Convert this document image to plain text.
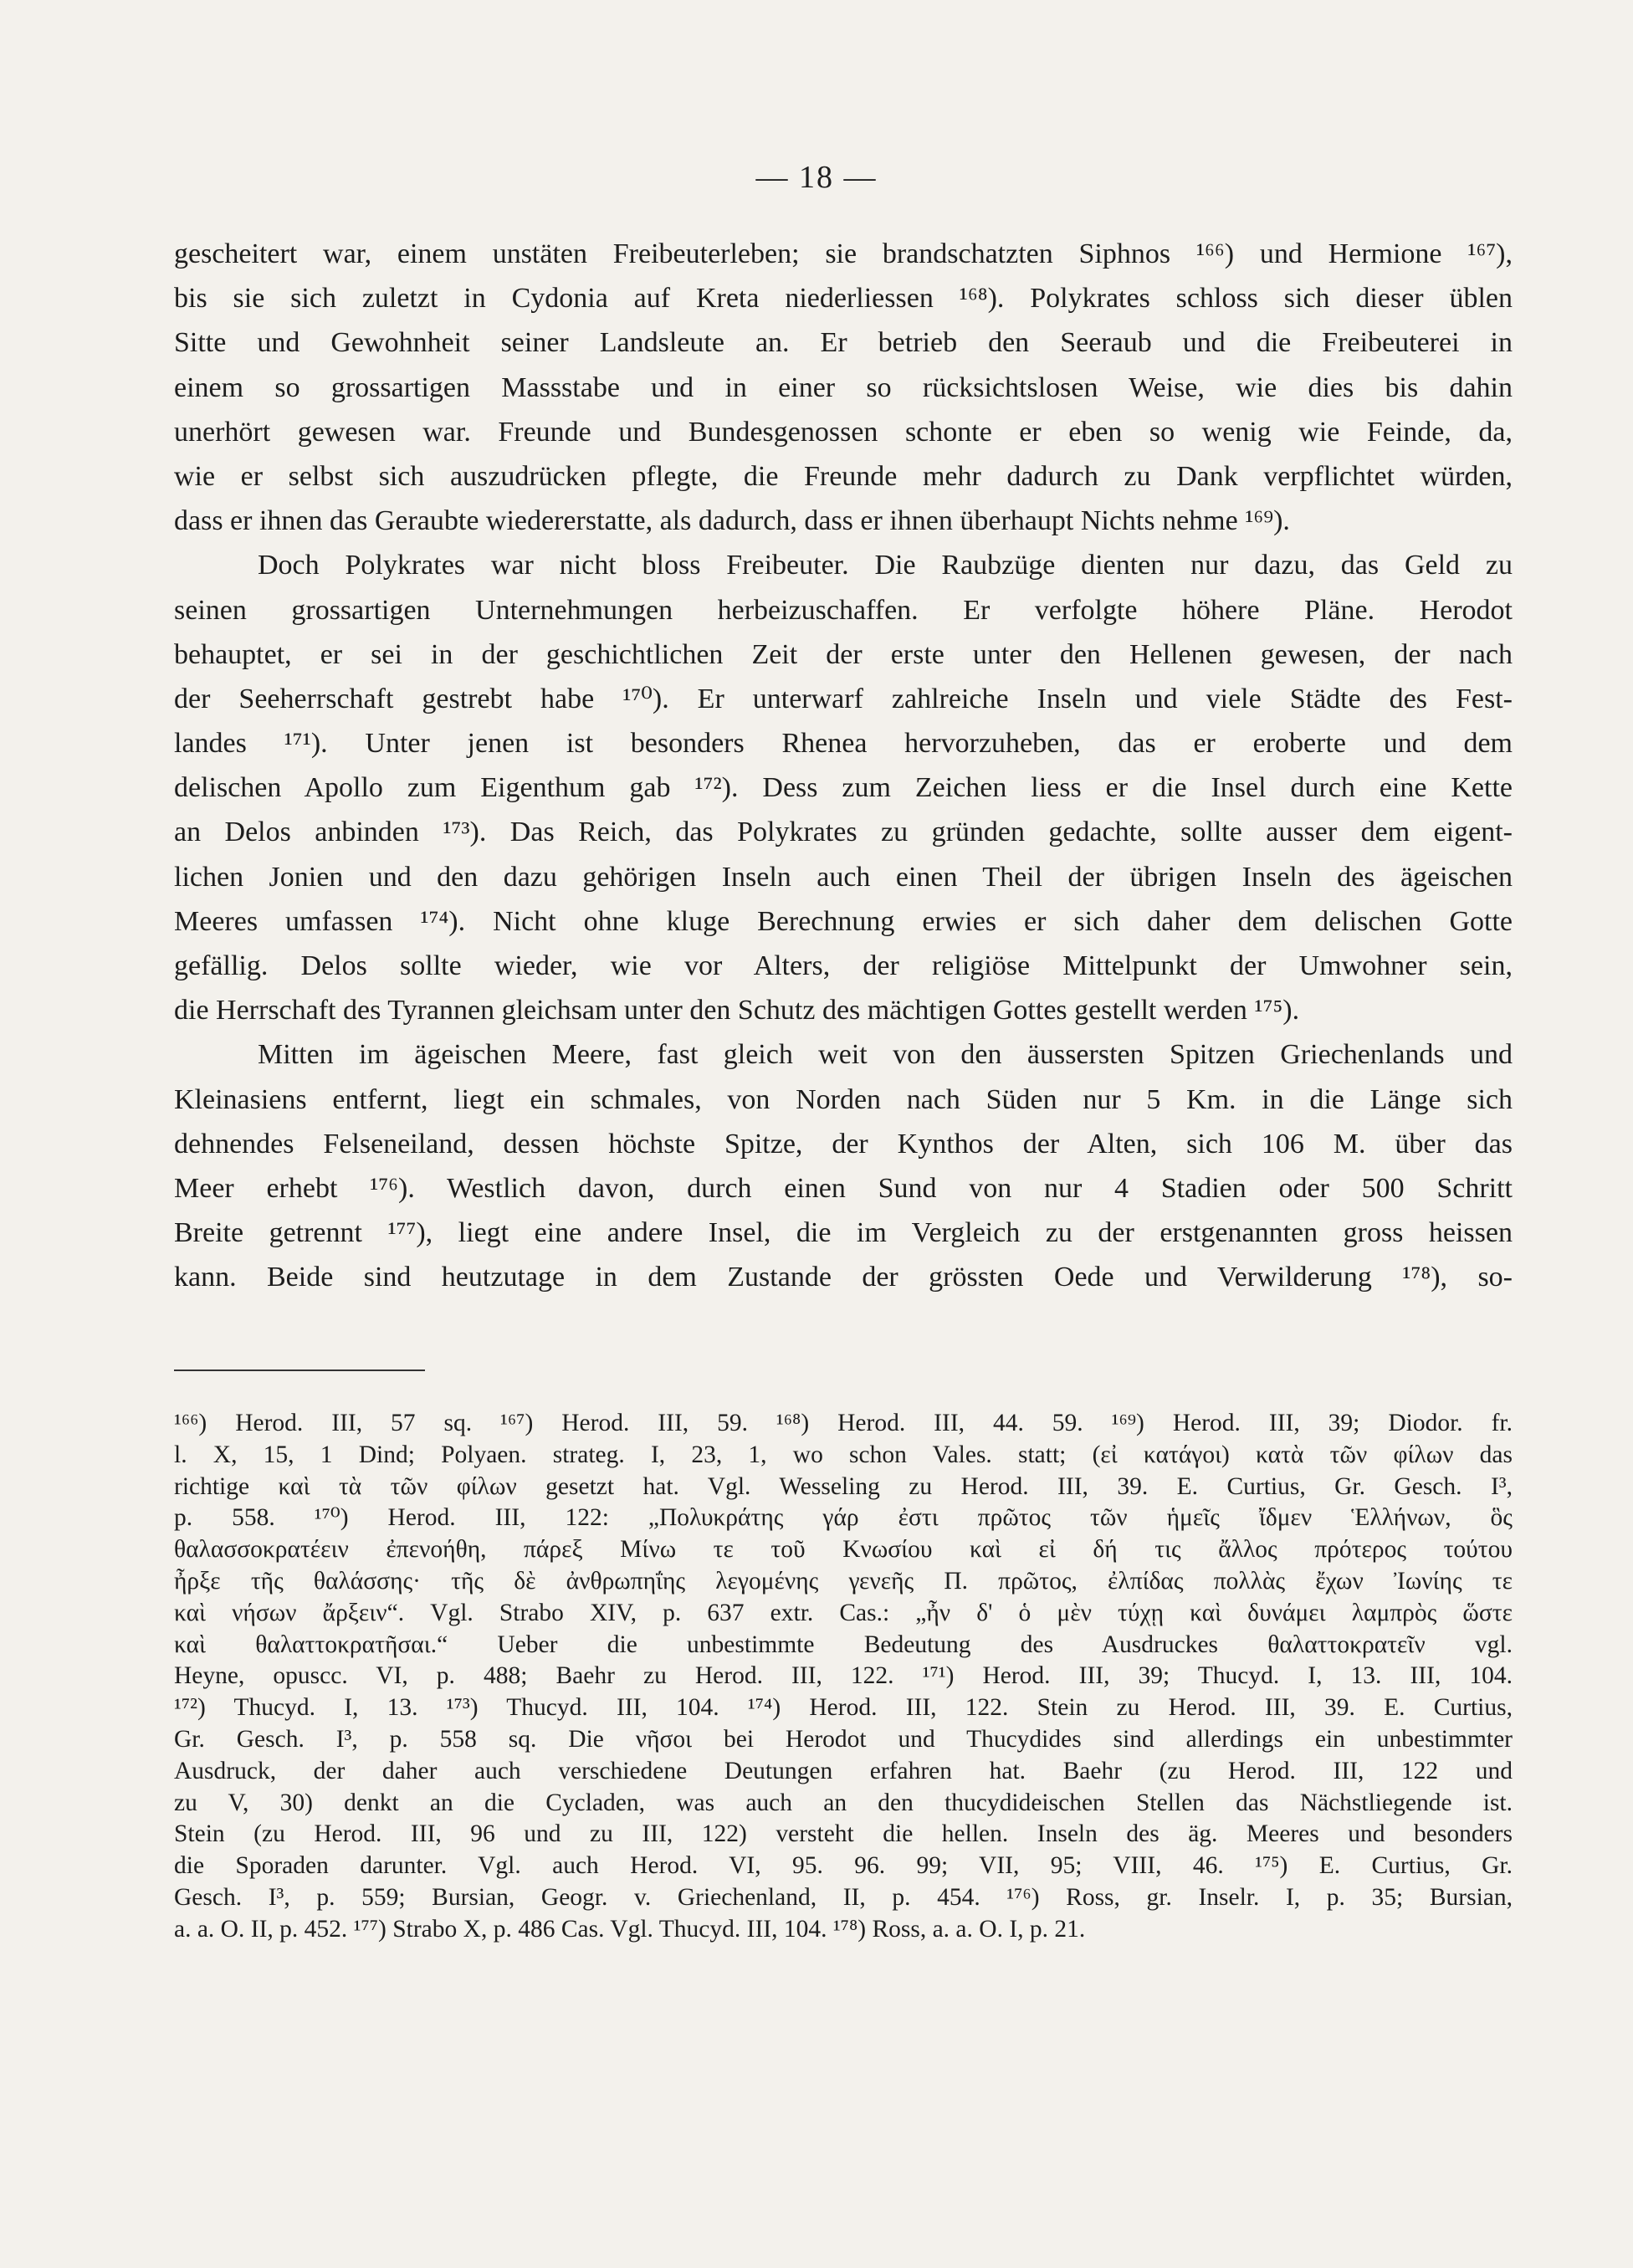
— 18 —
gescheitert war, einem unstäten Freibeuterleben; sie brandschatzten Siphnos ¹⁶⁶) und Hermione ¹⁶⁷),
bis sie sich zuletzt in Cydonia auf Kreta niederliessen ¹⁶⁸). Polykrates schloss sich dieser üblen
Sitte und Gewohnheit seiner Landsleute an. Er betrieb den Seeraub und die Freibeuterei in
einem so grossartigen Massstabe und in einer so rücksichtslosen Weise, wie dies bis dahin
unerhört gewesen war. Freunde und Bundesgenossen schonte er eben so wenig wie Feinde, da,
wie er selbst sich auszudrücken pflegte, die Freunde mehr dadurch zu Dank verpflichtet würden,
dass er ihnen das Geraubte wiedererstatte, als dadurch, dass er ihnen überhaupt Nichts nehme ¹⁶⁹).
Doch Polykrates war nicht bloss Freibeuter. Die Raubzüge dienten nur dazu, das Geld zu
seinen grossartigen Unternehmungen herbeizuschaffen. Er verfolgte höhere Pläne. Herodot
behauptet, er sei in der geschichtlichen Zeit der erste unter den Hellenen gewesen, der nach
der Seeherrschaft gestrebt habe ¹⁷⁰). Er unterwarf zahlreiche Inseln und viele Städte des Fest-
landes ¹⁷¹). Unter jenen ist besonders Rhenea hervorzuheben, das er eroberte und dem
delischen Apollo zum Eigenthum gab ¹⁷²). Dess zum Zeichen liess er die Insel durch eine Kette
an Delos anbinden ¹⁷³). Das Reich, das Polykrates zu gründen gedachte, sollte ausser dem eigent-
lichen Jonien und den dazu gehörigen Inseln auch einen Theil der übrigen Inseln des ägeischen
Meeres umfassen ¹⁷⁴). Nicht ohne kluge Berechnung erwies er sich daher dem delischen Gotte
gefällig. Delos sollte wieder, wie vor Alters, der religiöse Mittelpunkt der Umwohner sein,
die Herrschaft des Tyrannen gleichsam unter den Schutz des mächtigen Gottes gestellt werden ¹⁷⁵).
Mitten im ägeischen Meere, fast gleich weit von den äussersten Spitzen Griechenlands und
Kleinasiens entfernt, liegt ein schmales, von Norden nach Süden nur 5 Km. in die Länge sich
dehnendes Felseneiland, dessen höchste Spitze, der Kynthos der Alten, sich 106 M. über das
Meer erhebt ¹⁷⁶). Westlich davon, durch einen Sund von nur 4 Stadien oder 500 Schritt
Breite getrennt ¹⁷⁷), liegt eine andere Insel, die im Vergleich zu der erstgenannten gross heissen
kann. Beide sind heutzutage in dem Zustande der grössten Oede und Verwilderung ¹⁷⁸), so-
¹⁶⁶) Herod. III, 57 sq. ¹⁶⁷) Herod. III, 59. ¹⁶⁸) Herod. III, 44. 59. ¹⁶⁹) Herod. III, 39; Diodor. fr.
l. X, 15, 1 Dind; Polyaen. strateg. I, 23, 1, wo schon Vales. statt; (εἰ κατάγοι) κατὰ τῶν φίλων das
richtige καὶ τὰ τῶν φίλων gesetzt hat. Vgl. Wesseling zu Herod. III, 39. E. Curtius, Gr. Gesch. I³,
p. 558. ¹⁷⁰) Herod. III, 122: „Πολυκράτης γάρ ἐστι πρῶτος τῶν ἡμεῖς ἴδμεν Ἑλλήνων, ὃς
θαλασσοκρατέειν ἐπενοήθη, πάρεξ Μίνω τε τοῦ Κνωσίου καὶ εἰ δή τις ἄλλος πρότερος τούτου
ἦρξε τῆς θαλάσσης· τῆς δὲ ἀνθρωπηΐης λεγομένης γενεῆς Π. πρῶτος, ἐλπίδας πολλὰς ἔχων Ἰωνίης τε
καὶ νήσων ἄρξειν“. Vgl. Strabo XIV, p. 637 extr. Cas.: „ἦν δ' ὁ μὲν τύχῃ καὶ δυνάμει λαμπρὸς ὥστε
καὶ θαλαττοκρατῆσαι.“ Ueber die unbestimmte Bedeutung des Ausdruckes θαλαττοκρατεῖν vgl.
Heyne, opuscc. VI, p. 488; Baehr zu Herod. III, 122. ¹⁷¹) Herod. III, 39; Thucyd. I, 13. III, 104.
¹⁷²) Thucyd. I, 13. ¹⁷³) Thucyd. III, 104. ¹⁷⁴) Herod. III, 122. Stein zu Herod. III, 39. E. Curtius,
Gr. Gesch. I³, p. 558 sq. Die νῆσοι bei Herodot und Thucydides sind allerdings ein unbestimmter
Ausdruck, der daher auch verschiedene Deutungen erfahren hat. Baehr (zu Herod. III, 122 und
zu V, 30) denkt an die Cycladen, was auch an den thucydideischen Stellen das Nächstliegende ist.
Stein (zu Herod. III, 96 und zu III, 122) versteht die hellen. Inseln des äg. Meeres und besonders
die Sporaden darunter. Vgl. auch Herod. VI, 95. 96. 99; VII, 95; VIII, 46. ¹⁷⁵) E. Curtius, Gr.
Gesch. I³, p. 559; Bursian, Geogr. v. Griechenland, II, p. 454. ¹⁷⁶) Ross, gr. Inselr. I, p. 35; Bursian,
a. a. O. II, p. 452. ¹⁷⁷) Strabo X, p. 486 Cas. Vgl. Thucyd. III, 104. ¹⁷⁸) Ross, a. a. O. I, p. 21.
